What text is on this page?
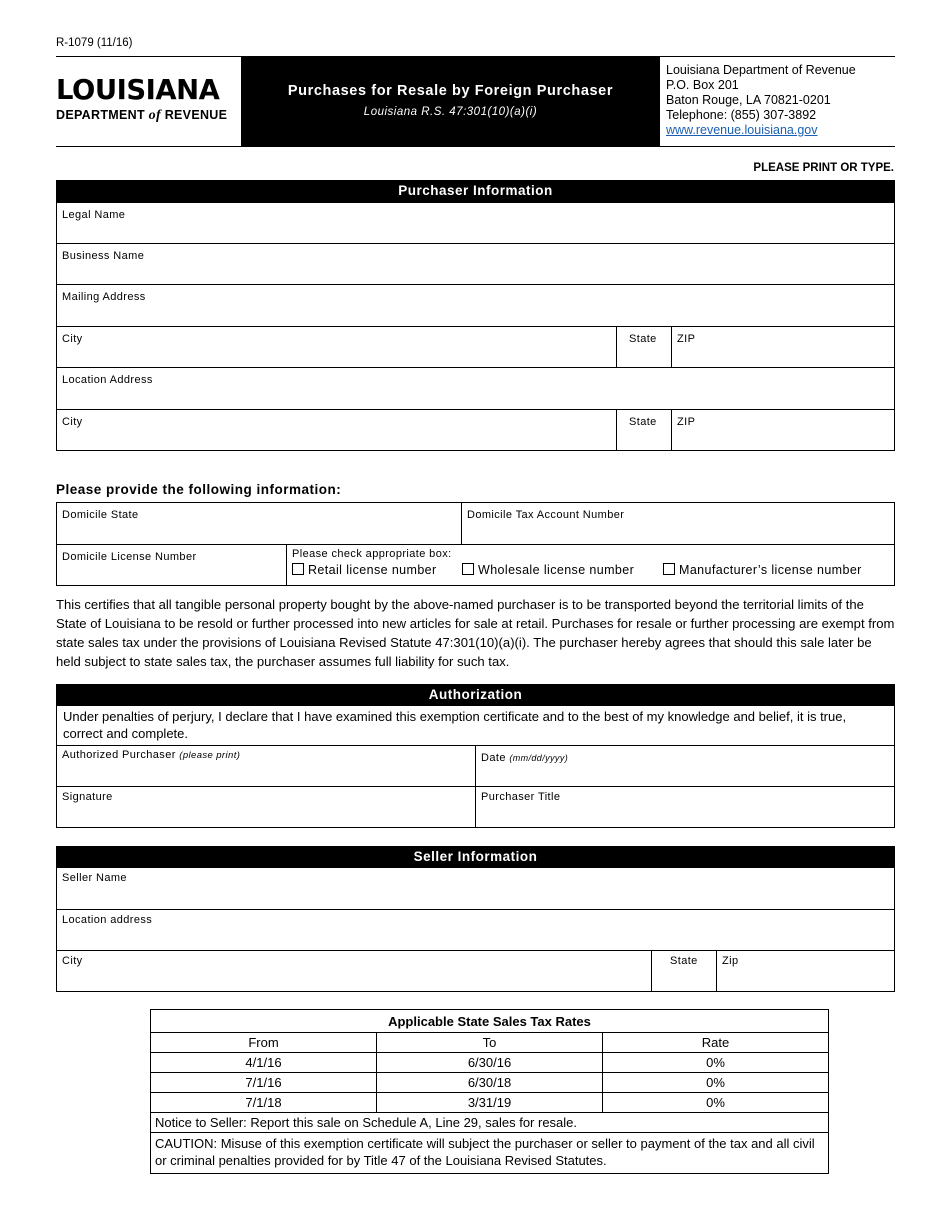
R-1079 (11/16)
LOUISIANA
DEPARTMENT of REVENUE
Purchases for Resale by Foreign Purchaser
Louisiana R.S. 47:301(10)(a)(i)
Louisiana Department of Revenue
P.O. Box 201
Baton Rouge, LA 70821-0201
Telephone: (855) 307-3892
www.revenue.louisiana.gov
PLEASE PRINT OR TYPE.
Purchaser Information
Legal Name
Business Name
Mailing Address
City	State ZIP
Location Address
City	State ZIP
Please provide the following information:
Domicile State	Domicile Tax Account Number
Domicile License Number	Please check appropriate box:
Retail license number	Wholesale license number	Manufacturer’s license number
This certifies that all tangible personal property bought by the above-named purchaser is to be transported beyond the territorial limits of the State of Louisiana to be resold or further processed into new articles for sale at retail. Purchases for resale or further processing are exempt from state sales tax under the provisions of Louisiana Revised Statute 47:301(10)(a)(i). The purchaser hereby agrees that should this sale later be held subject to state sales tax, the purchaser assumes full liability for such tax.
Authorization
Under penalties of perjury, I declare that I have examined this exemption certificate and to the best of my knowledge and belief, it is true, correct and complete.
Authorized Purchaser (please print)	Date (mm/dd/yyyy)
Signature	Purchaser Title
Seller Information
Seller Name
Location address
City	State Zip
Applicable State Sales Tax Rates		
From	To	Rate
4/1/16	6/30/16	0%
7/1/16	6/30/18	0%
7/1/18	3/31/19	0%
Notice to Seller: Report this sale on Schedule A, Line 29, sales for resale.		
CAUTION: Misuse of this exemption certificate will subject the purchaser or seller to payment of the tax and all civil or criminal penalties provided for by Title 47 of the Louisiana Revised Statutes.		
